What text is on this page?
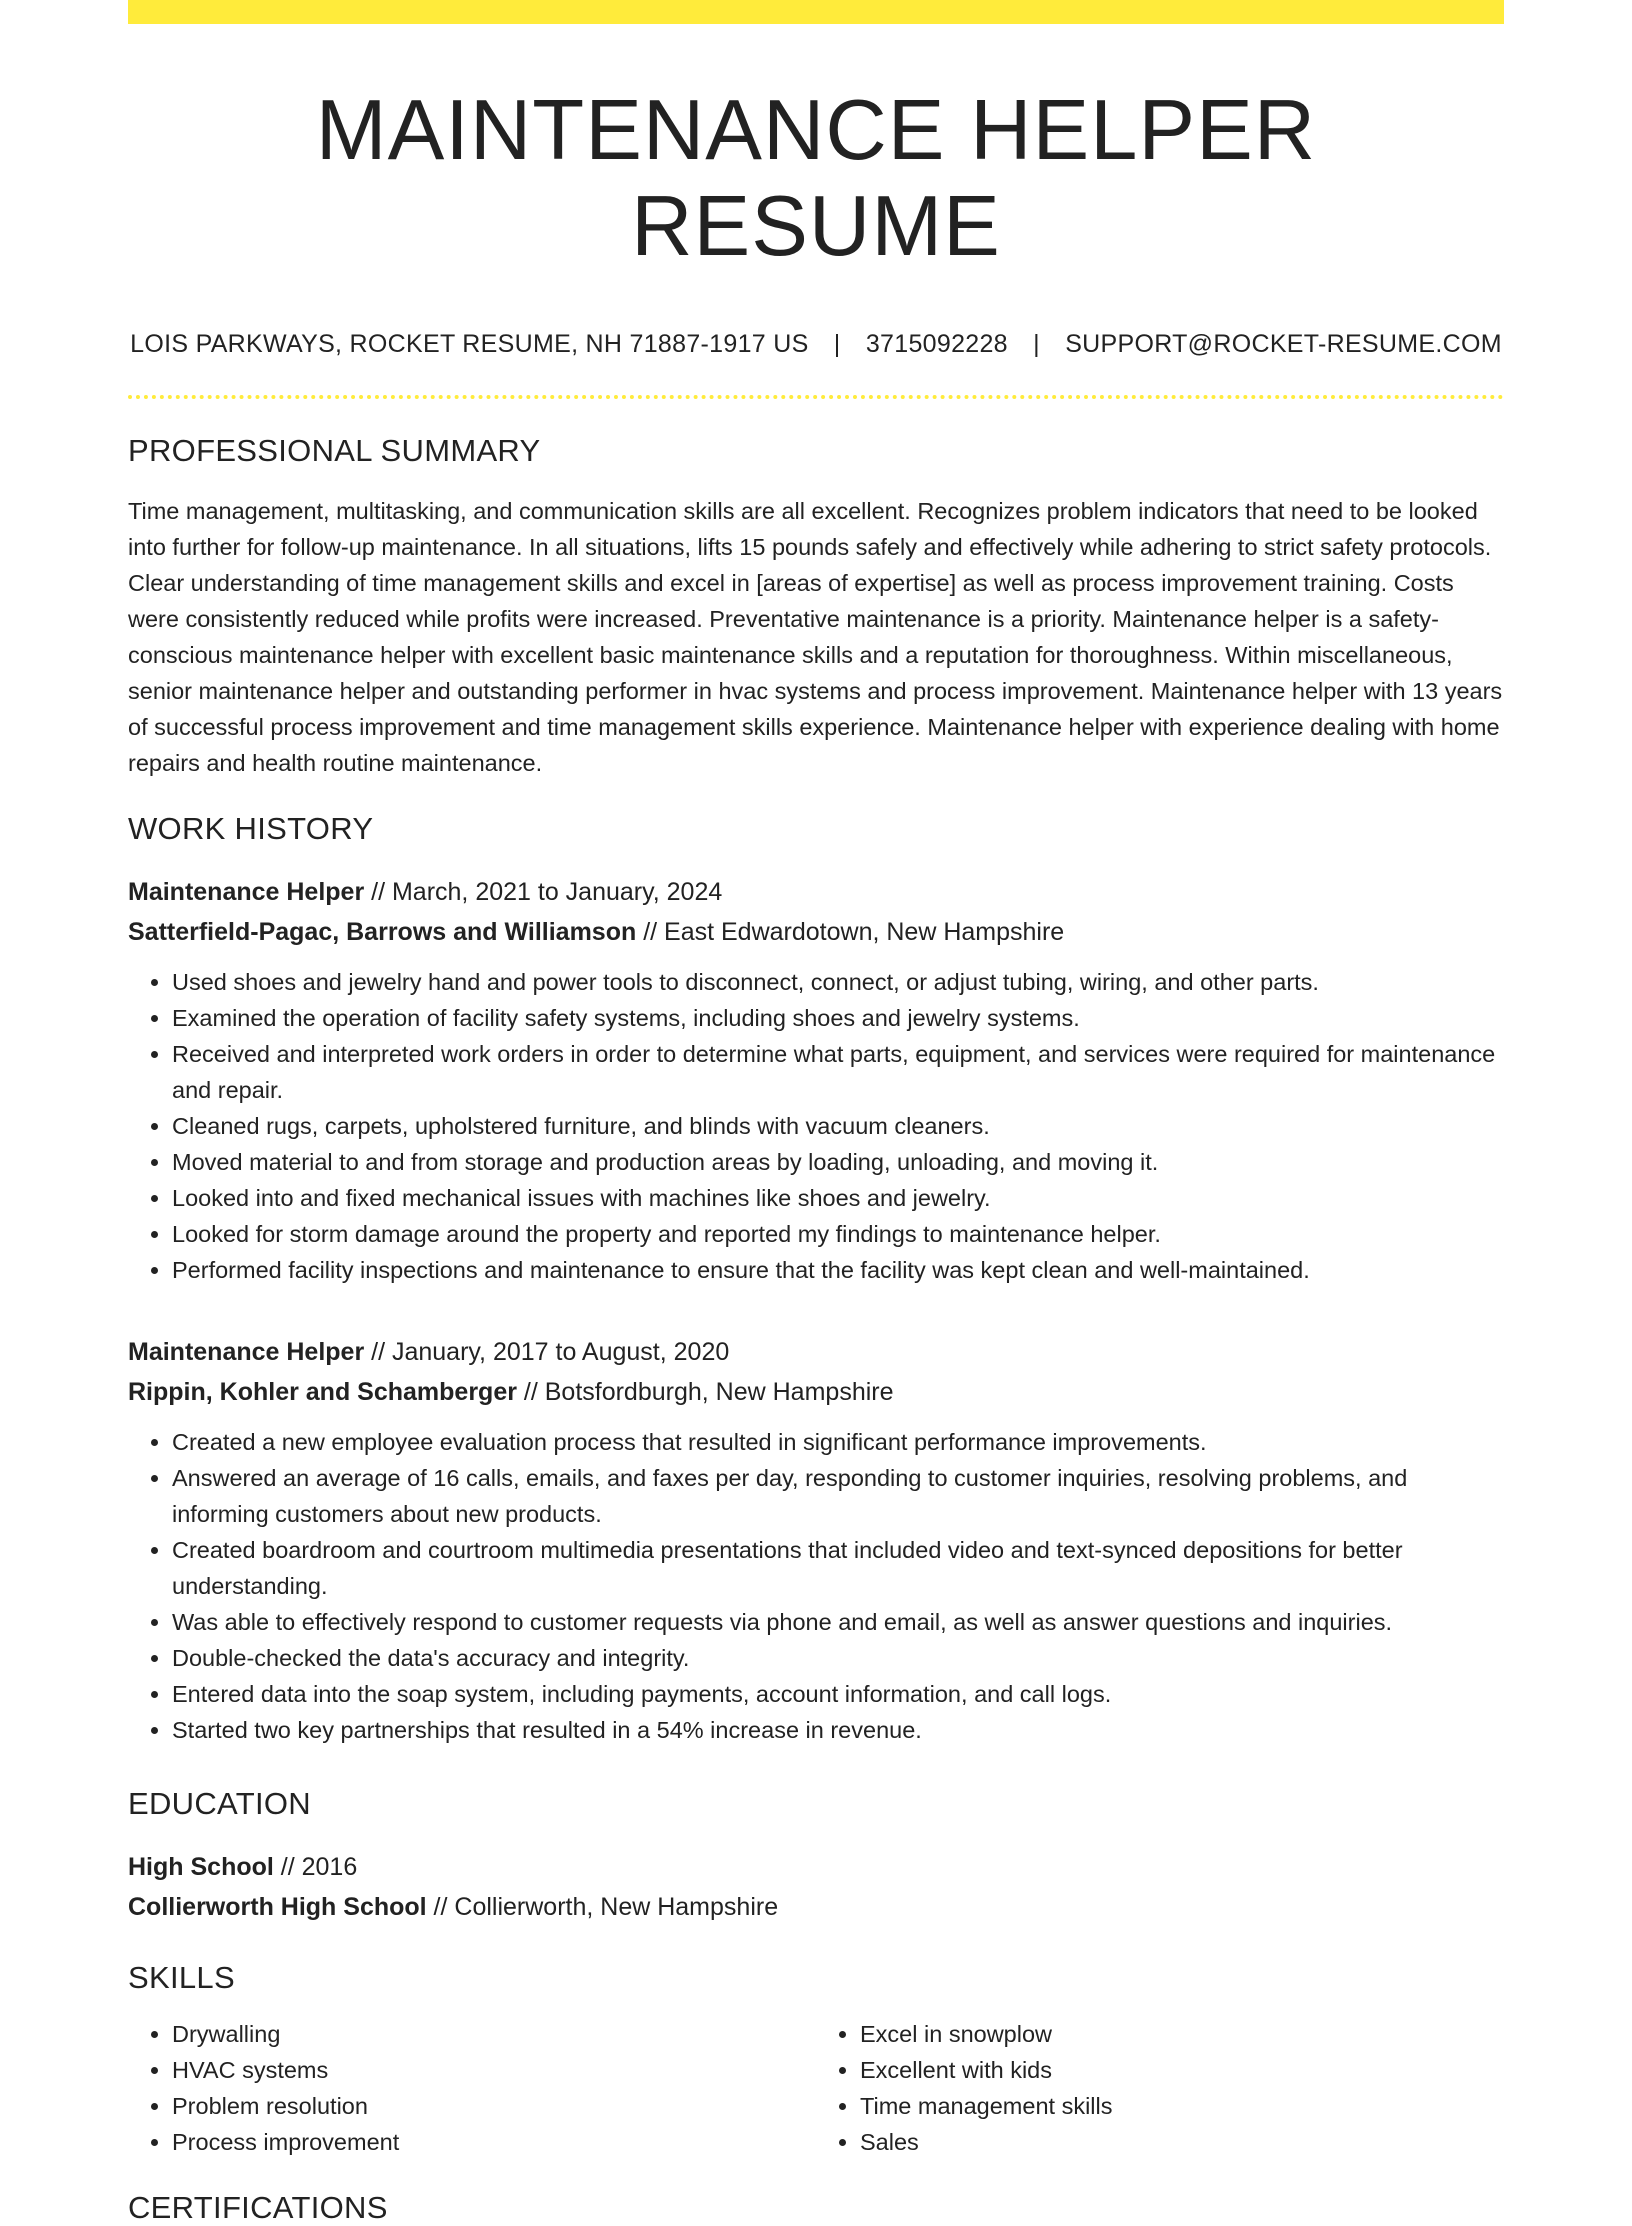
MAINTENANCE HELPER RESUME
LOIS PARKWAYS, ROCKET RESUME, NH 71887-1917 US | 3715092228 | SUPPORT@ROCKET-RESUME.COM
PROFESSIONAL SUMMARY
Time management, multitasking, and communication skills are all excellent. Recognizes problem indicators that need to be looked into further for follow-up maintenance. In all situations, lifts 15 pounds safely and effectively while adhering to strict safety protocols. Clear understanding of time management skills and excel in [areas of expertise] as well as process improvement training. Costs were consistently reduced while profits were increased. Preventative maintenance is a priority. Maintenance helper is a safety-conscious maintenance helper with excellent basic maintenance skills and a reputation for thoroughness. Within miscellaneous, senior maintenance helper and outstanding performer in hvac systems and process improvement. Maintenance helper with 13 years of successful process improvement and time management skills experience. Maintenance helper with experience dealing with home repairs and health routine maintenance.
WORK HISTORY
Maintenance Helper // March, 2021 to January, 2024
Satterfield-Pagac, Barrows and Williamson // East Edwardotown, New Hampshire
• Used shoes and jewelry hand and power tools to disconnect, connect, or adjust tubing, wiring, and other parts.
• Examined the operation of facility safety systems, including shoes and jewelry systems.
• Received and interpreted work orders in order to determine what parts, equipment, and services were required for maintenance and repair.
• Cleaned rugs, carpets, upholstered furniture, and blinds with vacuum cleaners.
• Moved material to and from storage and production areas by loading, unloading, and moving it.
• Looked into and fixed mechanical issues with machines like shoes and jewelry.
• Looked for storm damage around the property and reported my findings to maintenance helper.
• Performed facility inspections and maintenance to ensure that the facility was kept clean and well-maintained.
Maintenance Helper // January, 2017 to August, 2020
Rippin, Kohler and Schamberger // Botsfordburgh, New Hampshire
• Created a new employee evaluation process that resulted in significant performance improvements.
• Answered an average of 16 calls, emails, and faxes per day, responding to customer inquiries, resolving problems, and informing customers about new products.
• Created boardroom and courtroom multimedia presentations that included video and text-synced depositions for better understanding.
• Was able to effectively respond to customer requests via phone and email, as well as answer questions and inquiries.
• Double-checked the data's accuracy and integrity.
• Entered data into the soap system, including payments, account information, and call logs.
• Started two key partnerships that resulted in a 54% increase in revenue.
EDUCATION
High School // 2016
Collierworth High School // Collierworth, New Hampshire
SKILLS
• Drywalling
• HVAC systems
• Problem resolution
• Process improvement
• Excel in snowplow
• Excellent with kids
• Time management skills
• Sales
CERTIFICATIONS
